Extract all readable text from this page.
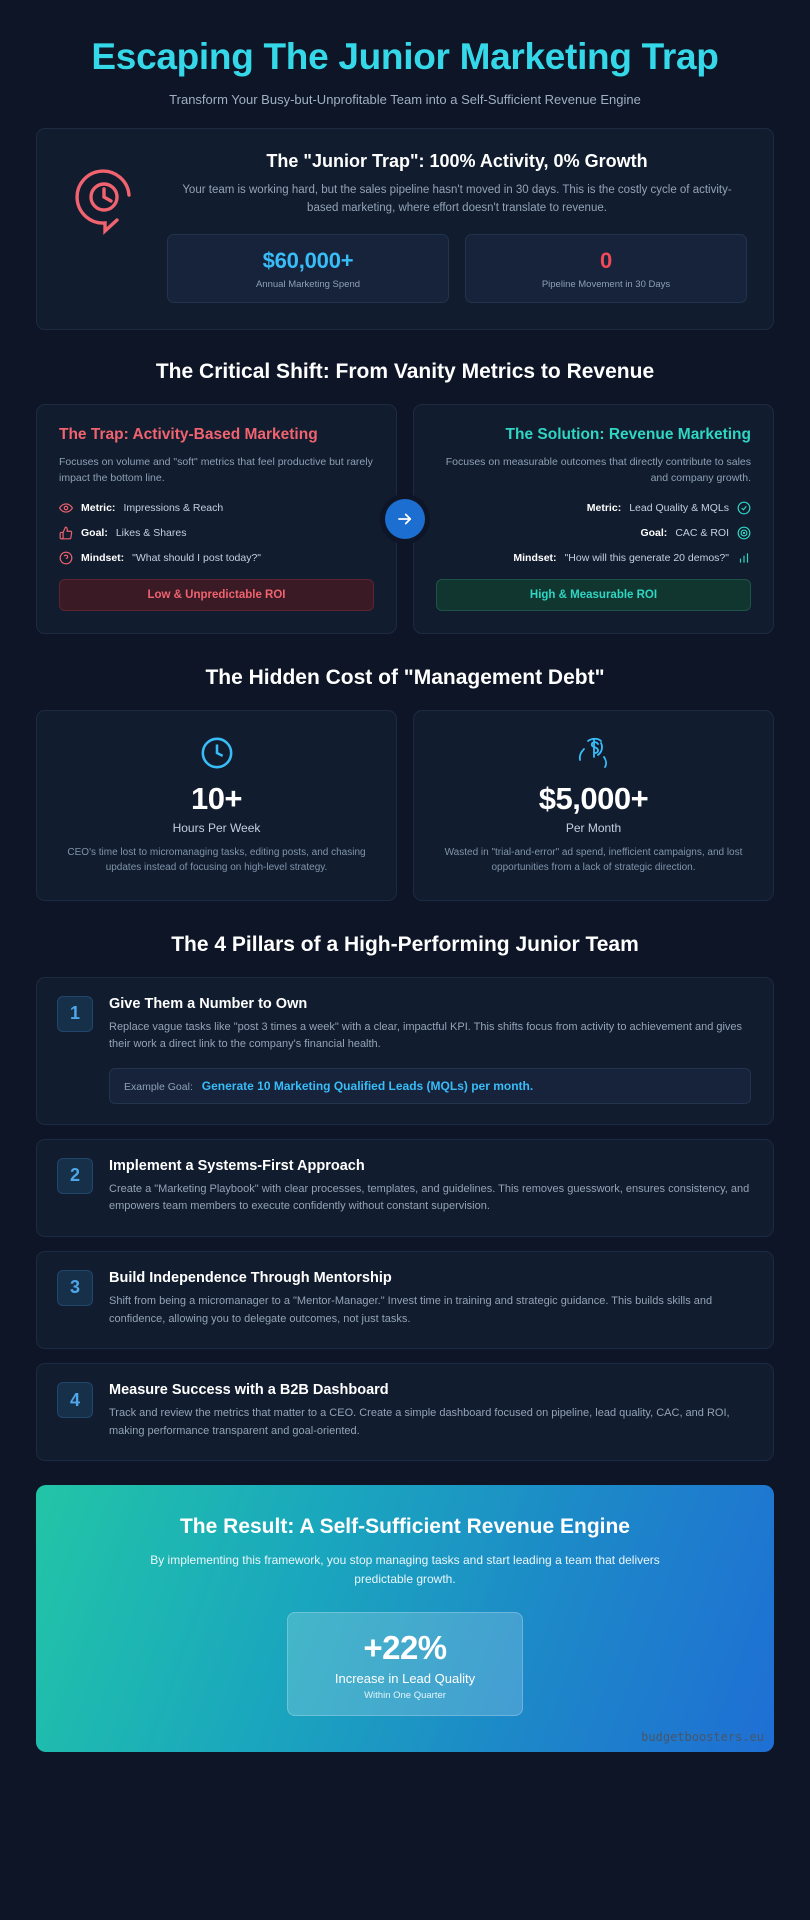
Escaping The Junior Marketing Trap

Transform Your Busy-but-Unprofitable Team into a Self-Sufficient Revenue Engine

The "Junior Trap": 100% Activity, 0% Growth
Your team is working hard, but the sales pipeline hasn't moved in 30 days. This is the costly cycle of activity-based marketing, where effort doesn't translate to revenue.
$60,000+
Annual Marketing Spend
0
Pipeline Movement in 30 Days
The Critical Shift: From Vanity Metrics to Revenue
The Trap: Activity-Based Marketing
Focuses on volume and "soft" metrics that feel productive but rarely impact the bottom line.
Metric: Impressions & Reach
Goal: Likes & Shares
Mindset: "What should I post today?"
Low & Unpredictable ROI
The Solution: Revenue Marketing
Focuses on measurable outcomes that directly contribute to sales and company growth.
Metric: Lead Quality & MQLs
Goal: CAC & ROI
Mindset: "How will this generate 20 demos?"
High & Measurable ROI
The Hidden Cost of "Management Debt"
10+
Hours Per Week
CEO's time lost to micromanaging tasks, editing posts, and chasing updates instead of focusing on high-level strategy.
$5,000+
Per Month
Wasted in "trial-and-error" ad spend, inefficient campaigns, and lost opportunities from a lack of strategic direction.
The 4 Pillars of a High-Performing Junior Team
1	Give Them a Number to Own

Replace vague tasks like "post 3 times a week" with a clear, impactful KPI. This shifts focus from activity to achievement and gives their work a direct link to the company's financial health.

Example Goal: Generate 10 Marketing Qualified Leads (MQLs) per month.
2	Implement a Systems-First Approach

Create a "Marketing Playbook" with clear processes, templates, and guidelines. This removes guesswork, ensures consistency, and empowers team members to execute confidently without constant supervision.

3	Build Independence Through Mentorship

Shift from being a micromanager to a "Mentor-Manager." Invest time in training and strategic guidance. This builds skills and confidence, allowing you to delegate outcomes, not just tasks.

4	Measure Success with a B2B Dashboard

Track and review the metrics that matter to a CEO. Create a simple dashboard focused on pipeline, lead quality, CAC, and ROI, making performance transparent and goal-oriented.

The Result: A Self-Sufficient Revenue Engine

By implementing this framework, you stop managing tasks and start leading a team that delivers predictable growth.

+22%
Increase in Lead Quality
Within One Quarter
budgetboosters.eu
